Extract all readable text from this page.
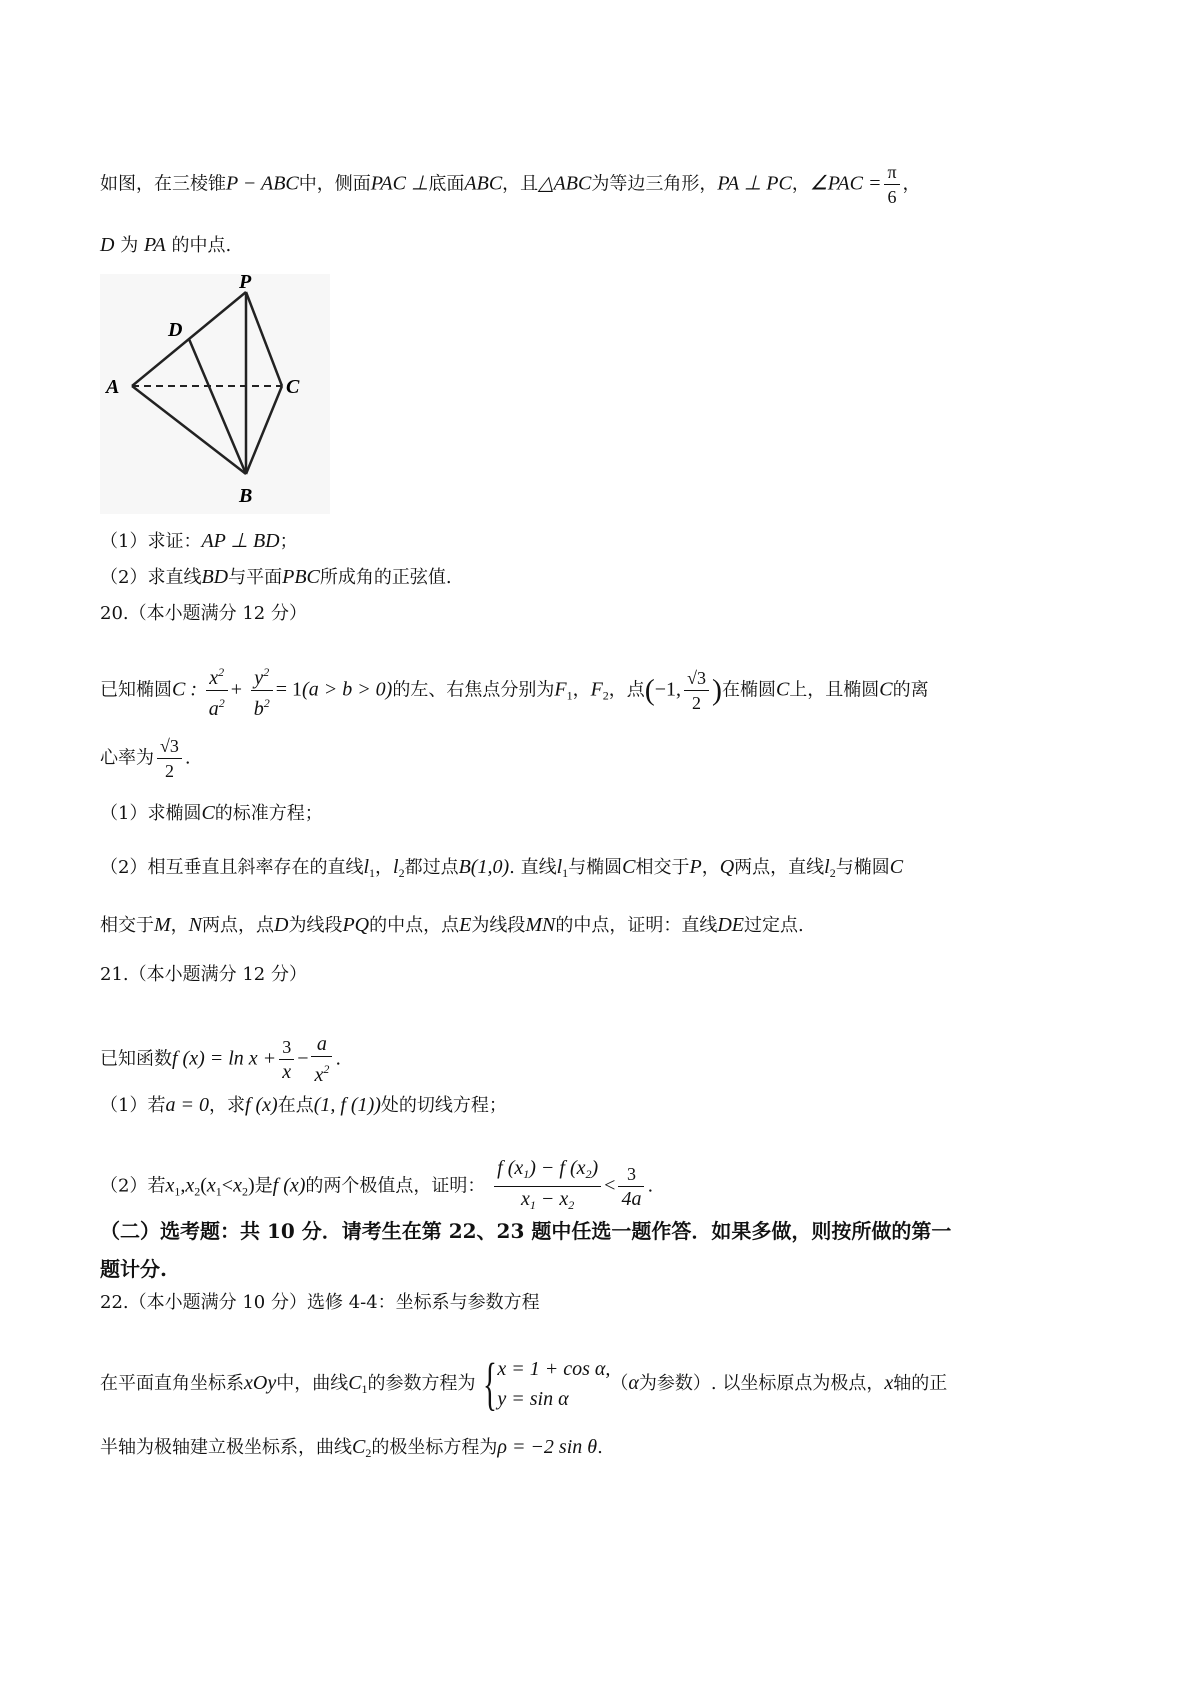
如图，在三棱锥P − ABC中，侧面PAC ⊥底面ABC，且△ABC为等边三角形，PA ⊥ PC，∠PAC = $\frac{\pi}{6}$ ，
D 为 PA 的中点.
P
D
A	C
B
（1）求证：AP ⊥ BD；
（2）求直线BD与平面PBC所成角的正弦值.
20.（本小题满分 12 分）
已知椭圆C : $\frac{x^2}{a^2} + \frac{y^2}{b^2} = 1(a > b > 0)$的左、右焦点分别为$F_1$，$F_2$，点(−1, $\frac{√3}{2}$ )在椭圆C上，且椭圆C的离
心率为 $\frac{√3}{2}$ .
（1）求椭圆C的标准方程；
（2）相互垂直且斜率存在的直线$l_1$，$l_2$都过点B(1,0). 直线$l_1$与椭圆C相交于P，Q两点，直线$l_2$与椭圆C
相交于M，N两点，点D为线段PQ的中点，点E为线段MN的中点，证明：直线DE过定点.
21.（本小题满分 12 分）
已知函数f $(x) = \ln x + \frac{3}{x} - \frac{a}{x^2}$ .
（1）若a = 0，求f (x)在点(1, f (1))处的切线方程；
（2）若$x_1,x_2(x_1<x_2)$是f (x)的两个极值点，证明： $\frac{f (x_1) - f (x_2)}{x_1 - x_2} < \frac{3}{4a}$ .
（二）选考题：共 10 分．请考生在第 22、23 题中任选一题作答．如果多做，则按所做的第一
题计分.
22.（本小题满分 10 分）选修 4-4：坐标系与参数方程
在平面直角坐标系xOy中，曲线$C_1$的参数方程为 { x = 1 + cos α,
y = sin α
（α为参数）. 以坐标原点为极点，x轴的正
半轴为极轴建立极坐标系，曲线$C_2$的极坐标方程为ρ = −2 sin θ.
